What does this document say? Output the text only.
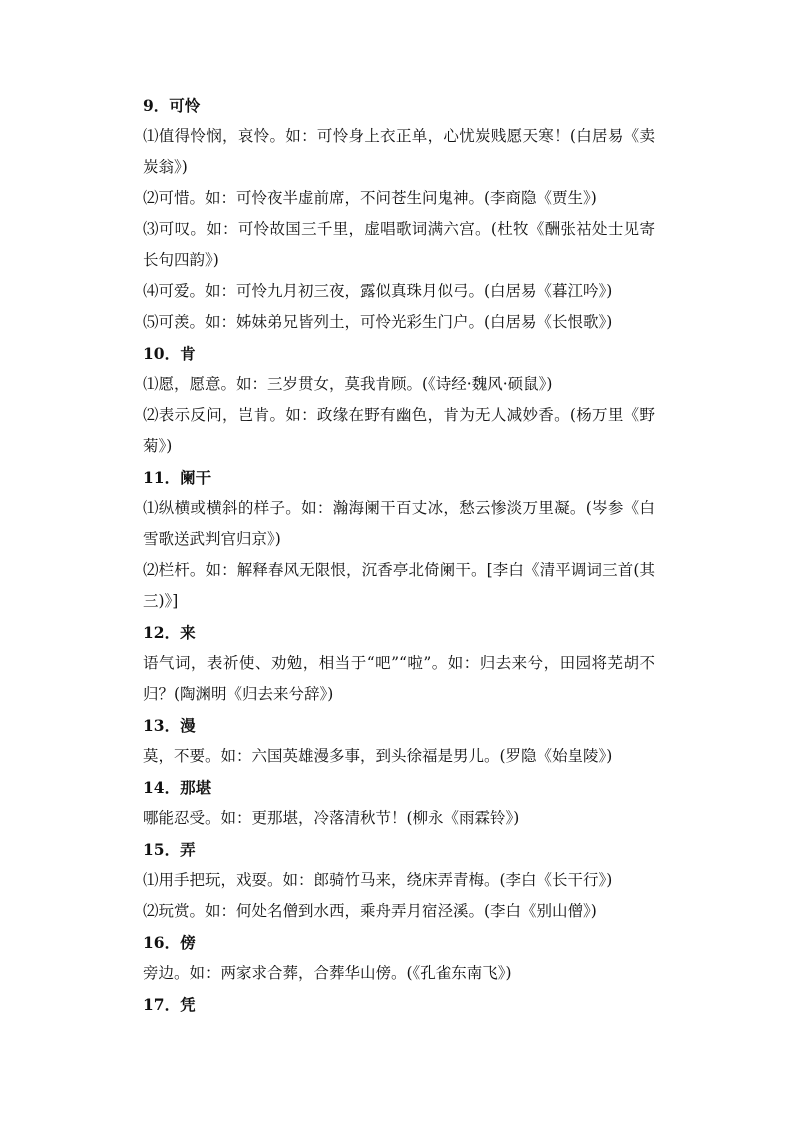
9．可怜
⑴值得怜悯，哀怜。如：可怜身上衣正单，心忧炭贱愿天寒！(白居易《卖炭翁》)
⑵可惜。如：可怜夜半虚前席，不问苍生问鬼神。(李商隐《贾生》)
⑶可叹。如：可怜故国三千里，虚唱歌词满六宫。(杜牧《酬张祜处士见寄长句四韵》)
⑷可爱。如：可怜九月初三夜，露似真珠月似弓。(白居易《暮江吟》)
⑸可羡。如：姊妹弟兄皆列土，可怜光彩生门户。(白居易《长恨歌》)
10．肯
⑴愿，愿意。如：三岁贯女，莫我肯顾。(《诗经·魏风·硕鼠》)
⑵表示反问，岂肯。如：政缘在野有幽色，肯为无人减妙香。(杨万里《野菊》)
11．阑干
⑴纵横或横斜的样子。如：瀚海阑干百丈冰，愁云惨淡万里凝。(岑参《白雪歌送武判官归京》)
⑵栏杆。如：解释春风无限恨，沉香亭北倚阑干。[李白《清平调词三首(其三)》]
12．来
语气词，表祈使、劝勉，相当于“吧”“啦”。如：归去来兮，田园将芜胡不归？(陶渊明《归去来兮辞》)
13．漫
莫，不要。如：六国英雄漫多事，到头徐福是男儿。(罗隐《始皇陵》)
14．那堪
哪能忍受。如：更那堪，冷落清秋节！(柳永《雨霖铃》)
15．弄
⑴用手把玩，戏耍。如：郎骑竹马来，绕床弄青梅。(李白《长干行》)
⑵玩赏。如：何处名僧到水西，乘舟弄月宿泾溪。(李白《别山僧》)
16．傍
旁边。如：两家求合葬，合葬华山傍。(《孔雀东南飞》)
17．凭
